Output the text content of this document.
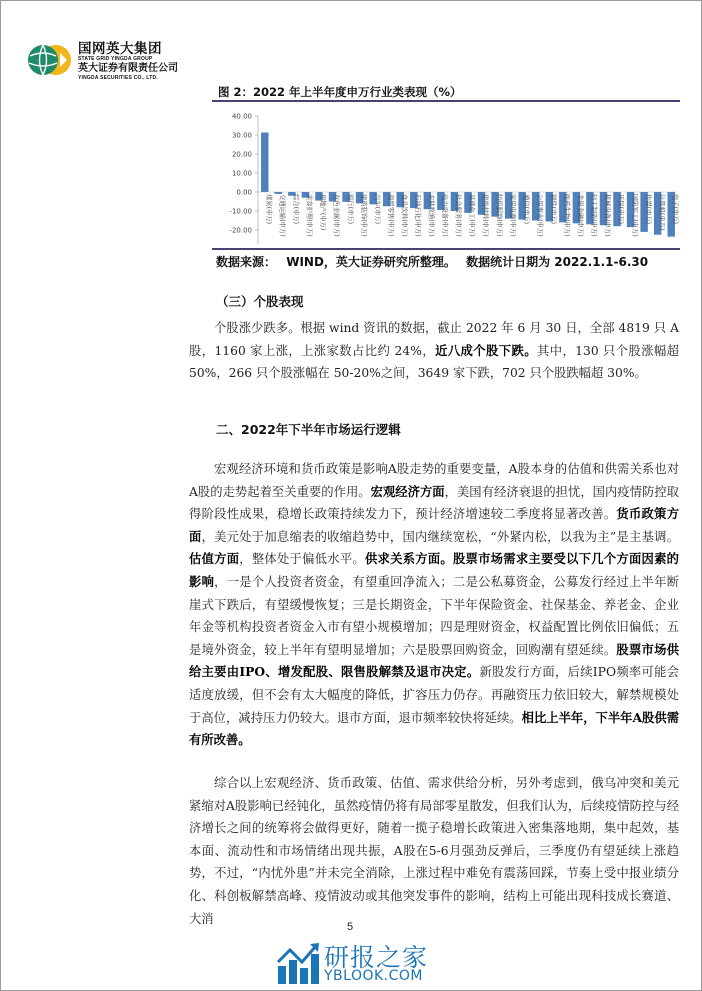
国网英大集团
STATE GRID YINGDA GROUP
英大证券有限责任公司
YINGDA SECURITIES CO., LTD.
图 2：2022 年上半年度申万行业类表现（%）
40.00
30.00
20.00
10.00
0.00
-10.00
-20.00
煤炭(申万)	交通运输(申万)	综合(申万)	美容护理(申万)	房地产(申万)	有色金属(申万)	银行(申万)	建筑装饰(申万)	汽车(申万)	商贸零售(申万)	食品饮料(申万)	石油石化(申万)	农林牧渔(申万)	电力设备(申万)	社会服务(申万)	基础化工(申万)	建筑材料(申万)	纺织服饰(申万)	家用电器(申万)	通信(申万)	公用事业(申万)	钢铁(申万)	医药生物(申万)	非银金融(申万)	轻工制造(申万)	机械设备(申万)	环保(申万)	国防军工(申万)	传媒(申万)	计算机(申万)	电子(申万)
数据来源： WIND，英大证券研究所整理。 数据统计日期为 2022.1.1-6.30
（三）个股表现
个股涨少跌多。根据 wind 资讯的数据，截止 2022 年 6 月 30 日，全部 4819 只 A 股，1160 家上涨，上涨家数占比约 24%，近八成个股下跌。其中，130 只个股涨幅超 50%，266 只个股涨幅在 50-20%之间，3649 家下跌，702 只个股跌幅超 30%。
二、2022年下半年市场运行逻辑
宏观经济环境和货币政策是影响A股走势的重要变量，A股本身的估值和供需关系也对A股的走势起着至关重要的作用。宏观经济方面，美国有经济衰退的担忧，国内疫情防控取得阶段性成果，稳增长政策持续发力下，预计经济增速较二季度将显著改善。货币政策方面，美元处于加息缩表的收缩趋势中，国内继续宽松，“外紧内松，以我为主”是主基调。估值方面，整体处于偏低水平。供求关系方面。股票市场需求主要受以下几个方面因素的影响，一是个人投资者资金，有望重回净流入；二是公私募资金，公募发行经过上半年断崖式下跌后，有望缓慢恢复；三是长期资金，下半年保险资金、社保基金、养老金、企业年金等机构投资者资金入市有望小规模增加；四是理财资金，权益配置比例依旧偏低；五是境外资金，较上半年有望明显增加；六是股票回购资金，回购潮有望延续。股票市场供给主要由IPO、增发配股、限售股解禁及退市决定。新股发行方面，后续IPO频率可能会适度放缓，但不会有太大幅度的降低，扩容压力仍存。再融资压力依旧较大，解禁规模处于高位，减持压力仍较大。退市方面，退市频率较快将延续。相比上半年，下半年A股供需有所改善。
综合以上宏观经济、货币政策、估值、需求供给分析，另外考虑到，俄乌冲突和美元紧缩对A股影响已经钝化，虽然疫情仍将有局部零星散发，但我们认为，后续疫情防控与经济增长之间的统筹将会做得更好，随着一揽子稳增长政策进入密集落地期，集中起效，基本面、流动性和市场情绪出现共振，A股在5-6月强劲反弹后，三季度仍有望延续上涨趋势，不过，“内忧外患”并未完全消除，上涨过程中难免有震荡回踩，节奏上受中报业绩分化、科创板解禁高峰、疫情波动或其他突发事件的影响，结构上可能出现科技成长赛道、大消
5
研报之家
YBLOOK.COM
